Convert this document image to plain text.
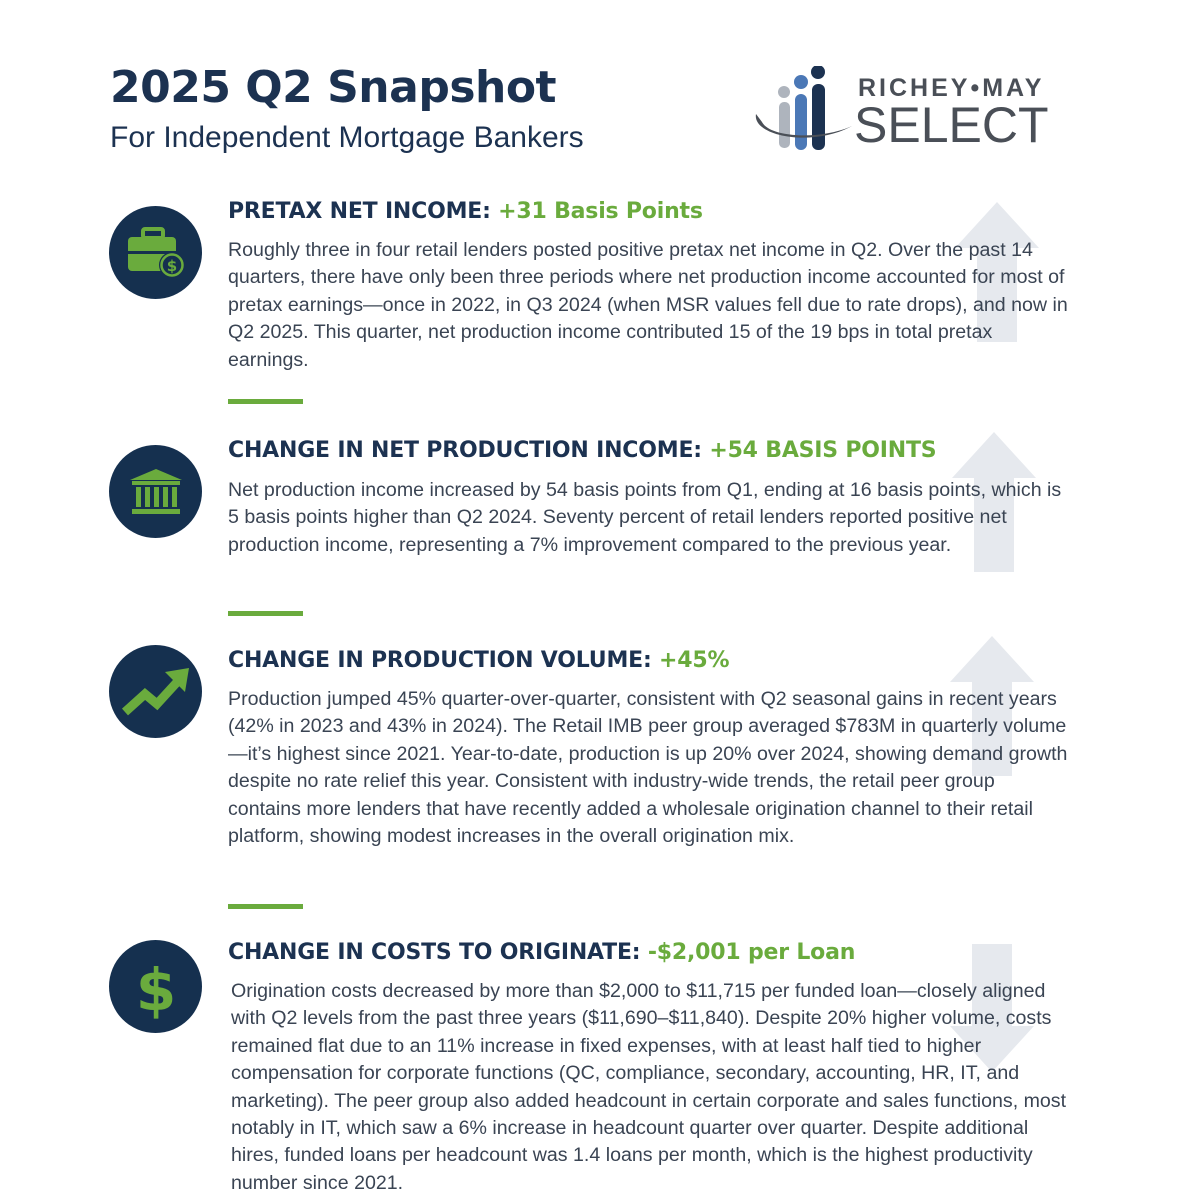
2025 Q2 Snapshot
For Independent Mortgage Bankers
RICHEY•MAY
SELECT
$
PRETAX NET INCOME: +31 Basis Points
Roughly three in four retail lenders posted positive pretax net income in Q2. Over the past 14 quarters, there have only been three periods where net production income accounted for most of pretax earnings—once in 2022, in Q3 2024 (when MSR values fell due to rate drops), and now in Q2 2025. This quarter, net production income contributed 15 of the 19 bps in total pretax earnings.
CHANGE IN NET PRODUCTION INCOME: +54 BASIS POINTS
Net production income increased by 54 basis points from Q1, ending at 16 basis points, which is 5 basis points higher than Q2 2024. Seventy percent of retail lenders reported positive net production income, representing a 7% improvement compared to the previous year.
CHANGE IN PRODUCTION VOLUME: +45%
Production jumped 45% quarter-over-quarter, consistent with Q2 seasonal gains in recent years (42% in 2023 and 43% in 2024). The Retail IMB peer group averaged $783M in quarterly volume—it’s highest since 2021. Year-to-date, production is up 20% over 2024, showing demand growth despite no rate relief this year. Consistent with industry-wide trends, the retail peer group contains more lenders that have recently added a wholesale origination channel to their retail platform, showing modest increases in the overall origination mix.
$
CHANGE IN COSTS TO ORIGINATE: -$2,001 per Loan
Origination costs decreased by more than $2,000 to $11,715 per funded loan—closely aligned with Q2 levels from the past three years ($11,690–$11,840). Despite 20% higher volume, costs remained flat due to an 11% increase in fixed expenses, with at least half tied to higher compensation for corporate functions (QC, compliance, secondary, accounting, HR, IT, and marketing). The peer group also added headcount in certain corporate and sales functions, most notably in IT, which saw a 6% increase in headcount quarter over quarter. Despite additional hires, funded loans per headcount was 1.4 loans per month, which is the highest productivity number since 2021.
